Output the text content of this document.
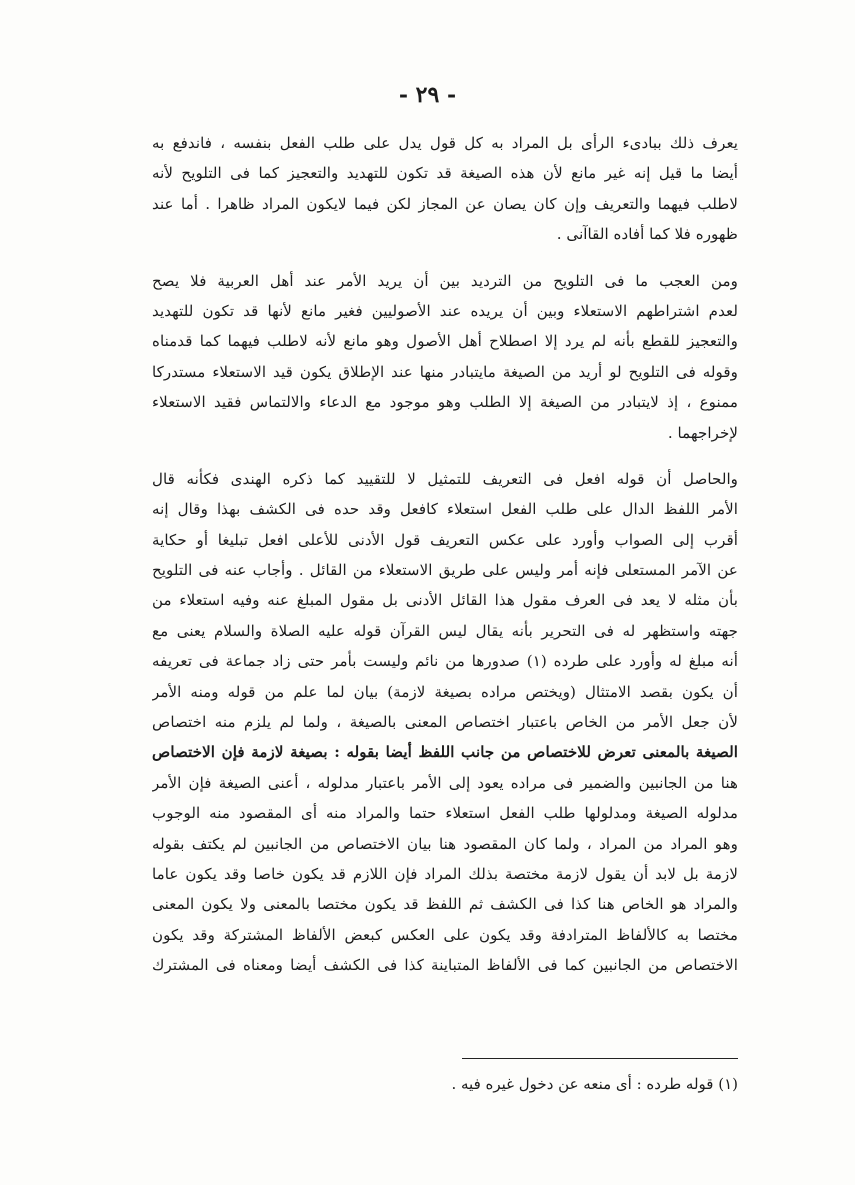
- ٢٩ -
يعرف ذلك ببادىء الرأى بل المراد به كل قول يدل على طلب الفعل بنفسه ، فاندفع به
أيضا ما قيل إنه غير مانع لأن هذه الصيغة قد تكون للتهديد والتعجيز كما فى التلويح لأنه
لاطلب فيهما والتعريف وإن كان يصان عن المجاز لكن فيما لايكون المراد ظاهرا . أما عند
ظهوره فلا كما أفاده القاآنى .
ومن العجب ما فى التلويح من الترديد بين أن يريد الأمر عند أهل العربية فلا يصح
لعدم اشتراطهم الاستعلاء وبين أن يريده عند الأصوليين فغير مانع لأنها قد تكون للتهديد
والتعجيز للقطع بأنه لم يرد إلا اصطلاح أهل الأصول وهو مانع لأنه لاطلب فيهما كما قدمناه
وقوله فى التلويح لو أريد من الصيغة مايتبادر منها عند الإطلاق يكون قيد الاستعلاء مستدركا
ممنوع ، إذ لايتبادر من الصيغة إلا الطلب وهو موجود مع الدعاء والالتماس فقيد الاستعلاء
لإخراجهما .
والحاصل أن قوله افعل فى التعريف للتمثيل لا للتقييد كما ذكره الهندى فكأنه قال
الأمر اللفظ الدال على طلب الفعل استعلاء كافعل وقد حده فى الكشف بهذا وقال إنه
أقرب إلى الصواب وأورد على عكس التعريف قول الأدنى للأعلى افعل تبليغا أو حكاية
عن الآمر المستعلى فإنه أمر وليس على طريق الاستعلاء من القائل . وأجاب عنه فى التلويح
بأن مثله لا يعد فى العرف مقول هذا القائل الأدنى بل مقول المبلغ عنه وفيه استعلاء من
جهته واستظهر له فى التحرير بأنه يقال ليس القرآن قوله عليه الصلاة والسلام يعنى مع
أنه مبلغ له وأورد على طرده (١) صدورها من نائم وليست بأمر حتى زاد جماعة فى تعريفه
أن يكون بقصد الامتثال (ويختص مراده بصيغة لازمة) بيان لما علم من قوله ومنه الأمر
لأن جعل الأمر من الخاص باعتبار اختصاص المعنى بالصيغة ، ولما لم يلزم منه اختصاص
الصيغة بالمعنى تعرض للاختصاص من جانب اللفظ أيضا بقوله : بصيغة لازمة فإن الاختصاص
هنا من الجانبين والضمير فى مراده يعود إلى الأمر باعتبار مدلوله ، أعنى الصيغة فإن الأمر
مدلوله الصيغة ومدلولها طلب الفعل استعلاء حتما والمراد منه أى المقصود منه الوجوب
وهو المراد من المراد ، ولما كان المقصود هنا بيان الاختصاص من الجانبين لم يكتف بقوله
لازمة بل لابد أن يقول لازمة مختصة بذلك المراد فإن اللازم قد يكون خاصا وقد يكون عاما
والمراد هو الخاص هنا كذا فى الكشف ثم اللفظ قد يكون مختصا بالمعنى ولا يكون المعنى
مختصا به كالألفاظ المترادفة وقد يكون على العكس كبعض الألفاظ المشتركة وقد يكون
الاختصاص من الجانبين كما فى الألفاظ المتباينة كذا فى الكشف أيضا ومعناه فى المشترك
(١) قوله طرده : أى منعه عن دخول غيره فيه .
